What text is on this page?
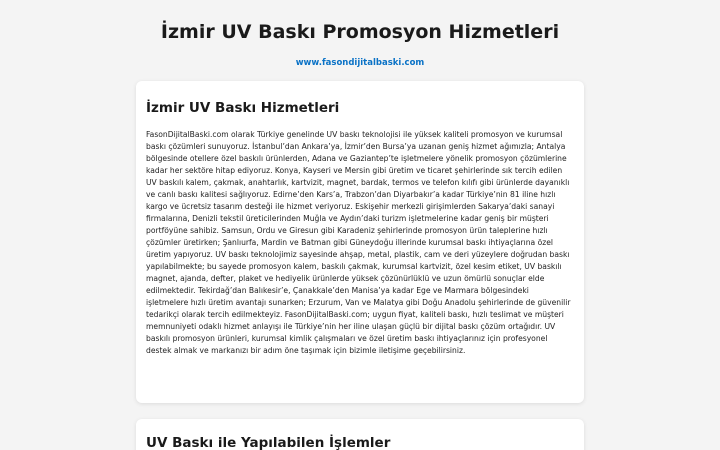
İzmir UV Baskı Promosyon Hizmetleri
www.fasondijitalbaski.com
İzmir UV Baskı Hizmetleri

FasonDijitalBaski.com olarak Türkiye genelinde UV baskı teknolojisi ile yüksek kaliteli promosyon ve kurumsal baskı çözümleri sunuyoruz. İstanbul’dan Ankara’ya, İzmir’den Bursa’ya uzanan geniş hizmet ağımızla; Antalya bölgesinde otellere özel baskılı ürünlerden, Adana ve Gaziantep’te işletmelere yönelik promosyon çözümlerine kadar her sektöre hitap ediyoruz. Konya, Kayseri ve Mersin gibi üretim ve ticaret şehirlerinde sık tercih edilen UV baskılı kalem, çakmak, anahtarlık, kartvizit, magnet, bardak, termos ve telefon kılıfı gibi ürünlerde dayanıklı ve canlı baskı kalitesi sağlıyoruz. Edirne’den Kars’a, Trabzon’dan Diyarbakır’a kadar Türkiye’nin 81 iline hızlı kargo ve ücretsiz tasarım desteği ile hizmet veriyoruz. Eskişehir merkezli girişimlerden Sakarya’daki sanayi firmalarına, Denizli tekstil üreticilerinden Muğla ve Aydın’daki turizm işletmelerine kadar geniş bir müşteri portföyüne sahibiz. Samsun, Ordu ve Giresun gibi Karadeniz şehirlerinde promosyon ürün taleplerine hızlı çözümler üretirken; Şanlıurfa, Mardin ve Batman gibi Güneydoğu illerinde kurumsal baskı ihtiyaçlarına özel üretim yapıyoruz. UV baskı teknolojimiz sayesinde ahşap, metal, plastik, cam ve deri yüzeylere doğrudan baskı yapılabilmekte; bu sayede promosyon kalem, baskılı çakmak, kurumsal kartvizit, özel kesim etiket, UV baskılı magnet, ajanda, defter, plaket ve hediyelik ürünlerde yüksek çözünürlüklü ve uzun ömürlü sonuçlar elde edilmektedir. Tekirdağ’dan Balıkesir’e, Çanakkale’den Manisa’ya kadar Ege ve Marmara bölgesindeki işletmelere hızlı üretim avantajı sunarken; Erzurum, Van ve Malatya gibi Doğu Anadolu şehirlerinde de güvenilir tedarikçi olarak tercih edilmekteyiz. FasonDijitalBaski.com; uygun fiyat, kaliteli baskı, hızlı teslimat ve müşteri memnuniyeti odaklı hizmet anlayışı ile Türkiye’nin her iline ulaşan güçlü bir dijital baskı çözüm ortağıdır. UV baskılı promosyon ürünleri, kurumsal kimlik çalışmaları ve özel üretim baskı ihtiyaçlarınız için profesyonel destek almak ve markanızı bir adım öne taşımak için bizimle iletişime geçebilirsiniz.

UV Baskı ile Yapılabilen İşlemler
